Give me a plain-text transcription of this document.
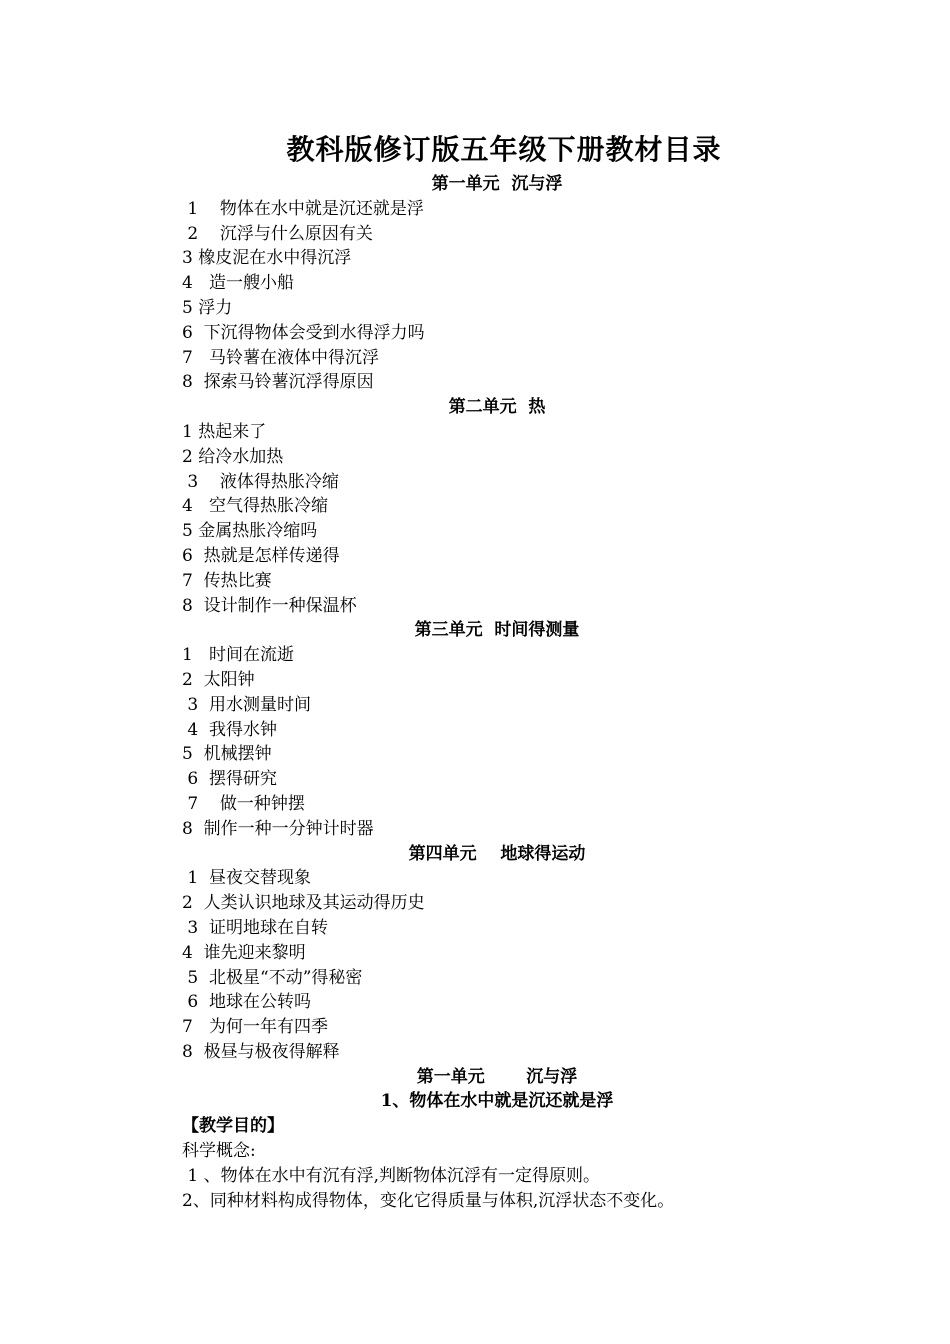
教科版修订版五年级下册教材目录
第一单元  沉与浮
1    物体在水中就是沉还就是浮
2    沉浮与什么原因有关
3 橡皮泥在水中得沉浮
4   造一艘小船
5 浮力
6  下沉得物体会受到水得浮力吗
7   马铃薯在液体中得沉浮
8  探索马铃薯沉浮得原因
第二单元  热
1 热起来了
2 给冷水加热
3    液体得热胀冷缩
4   空气得热胀冷缩
5 金属热胀冷缩吗
6  热就是怎样传递得
7  传热比赛
8  设计制作一种保温杯
第三单元  时间得测量
1   时间在流逝
2  太阳钟
3  用水测量时间
4  我得水钟
5  机械摆钟
6  摆得研究
7    做一种钟摆
8  制作一种一分钟计时器
第四单元    地球得运动
1  昼夜交替现象
2  人类认识地球及其运动得历史
3  证明地球在自转
4  谁先迎来黎明
5  北极星“不动”得秘密
6  地球在公转吗
7   为何一年有四季
8  极昼与极夜得解释
第一单元       沉与浮
1、物体在水中就是沉还就是浮
【教学目的】
科学概念:
1 、物体在水中有沉有浮,判断物体沉浮有一定得原则。
2、同种材料构成得物体，变化它得质量与体积,沉浮状态不变化。
